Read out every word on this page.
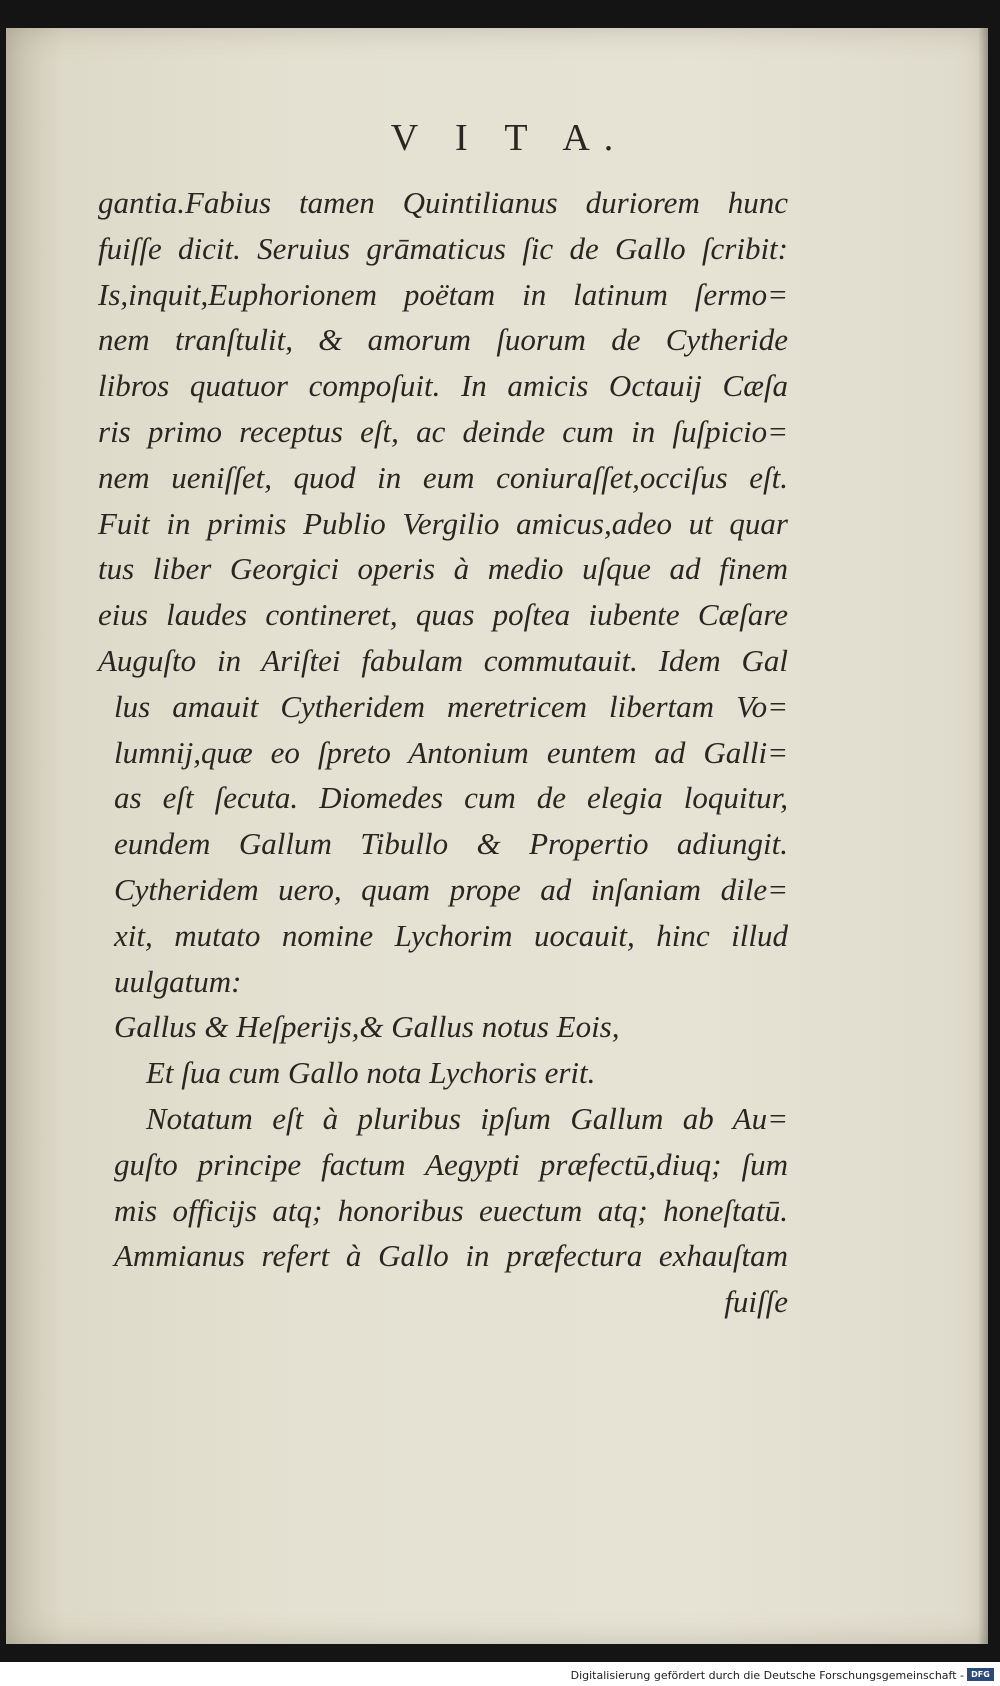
V I T A.
gantia.Fabius tamen Quintilianus duriorem hunc
fuiſſe dicit. Seruius grāmaticus ſic de Gallo ſcribit:
Is,inquit,Euphorionem poëtam in latinum ſermo=
nem tranſtulit, & amorum ſuorum de Cytheride
libros quatuor compoſuit. In amicis Octauij Cæſa
ris primo receptus eſt, ac deinde cum in ſuſpicio=
nem ueniſſet, quod in eum coniuraſſet,occiſus eſt.
Fuit in primis Publio Vergilio amicus,adeo ut quar
tus liber Georgici operis à medio uſque ad finem
eius laudes contineret, quas poſtea iubente Cæſare
Auguſto in Ariſtei fabulam commutauit. Idem Gal
lus amauit Cytheridem meretricem libertam Vo=
lumnij,quæ eo ſpreto Antonium euntem ad Galli=
as eſt ſecuta. Diomedes cum de elegia loquitur,
eundem Gallum Tibullo & Propertio adiungit.
Cytheridem uero, quam prope ad inſaniam dile=
xit, mutato nomine Lychorim uocauit, hinc illud
uulgatum:
Gallus & Heſperijs,& Gallus notus Eois,
Et ſua cum Gallo nota Lychoris erit.
Notatum eſt à pluribus ipſum Gallum ab Au=
guſto principe factum Aegypti præfectū,diuq; ſum
mis officijs atq; honoribus euectum atq; honeſtatū.
Ammianus refert à Gallo in præfectura exhauſtam
fuiſſe
Digitalisierung gefördert durch die Deutsche Forschungsgemeinschaft - DFG
